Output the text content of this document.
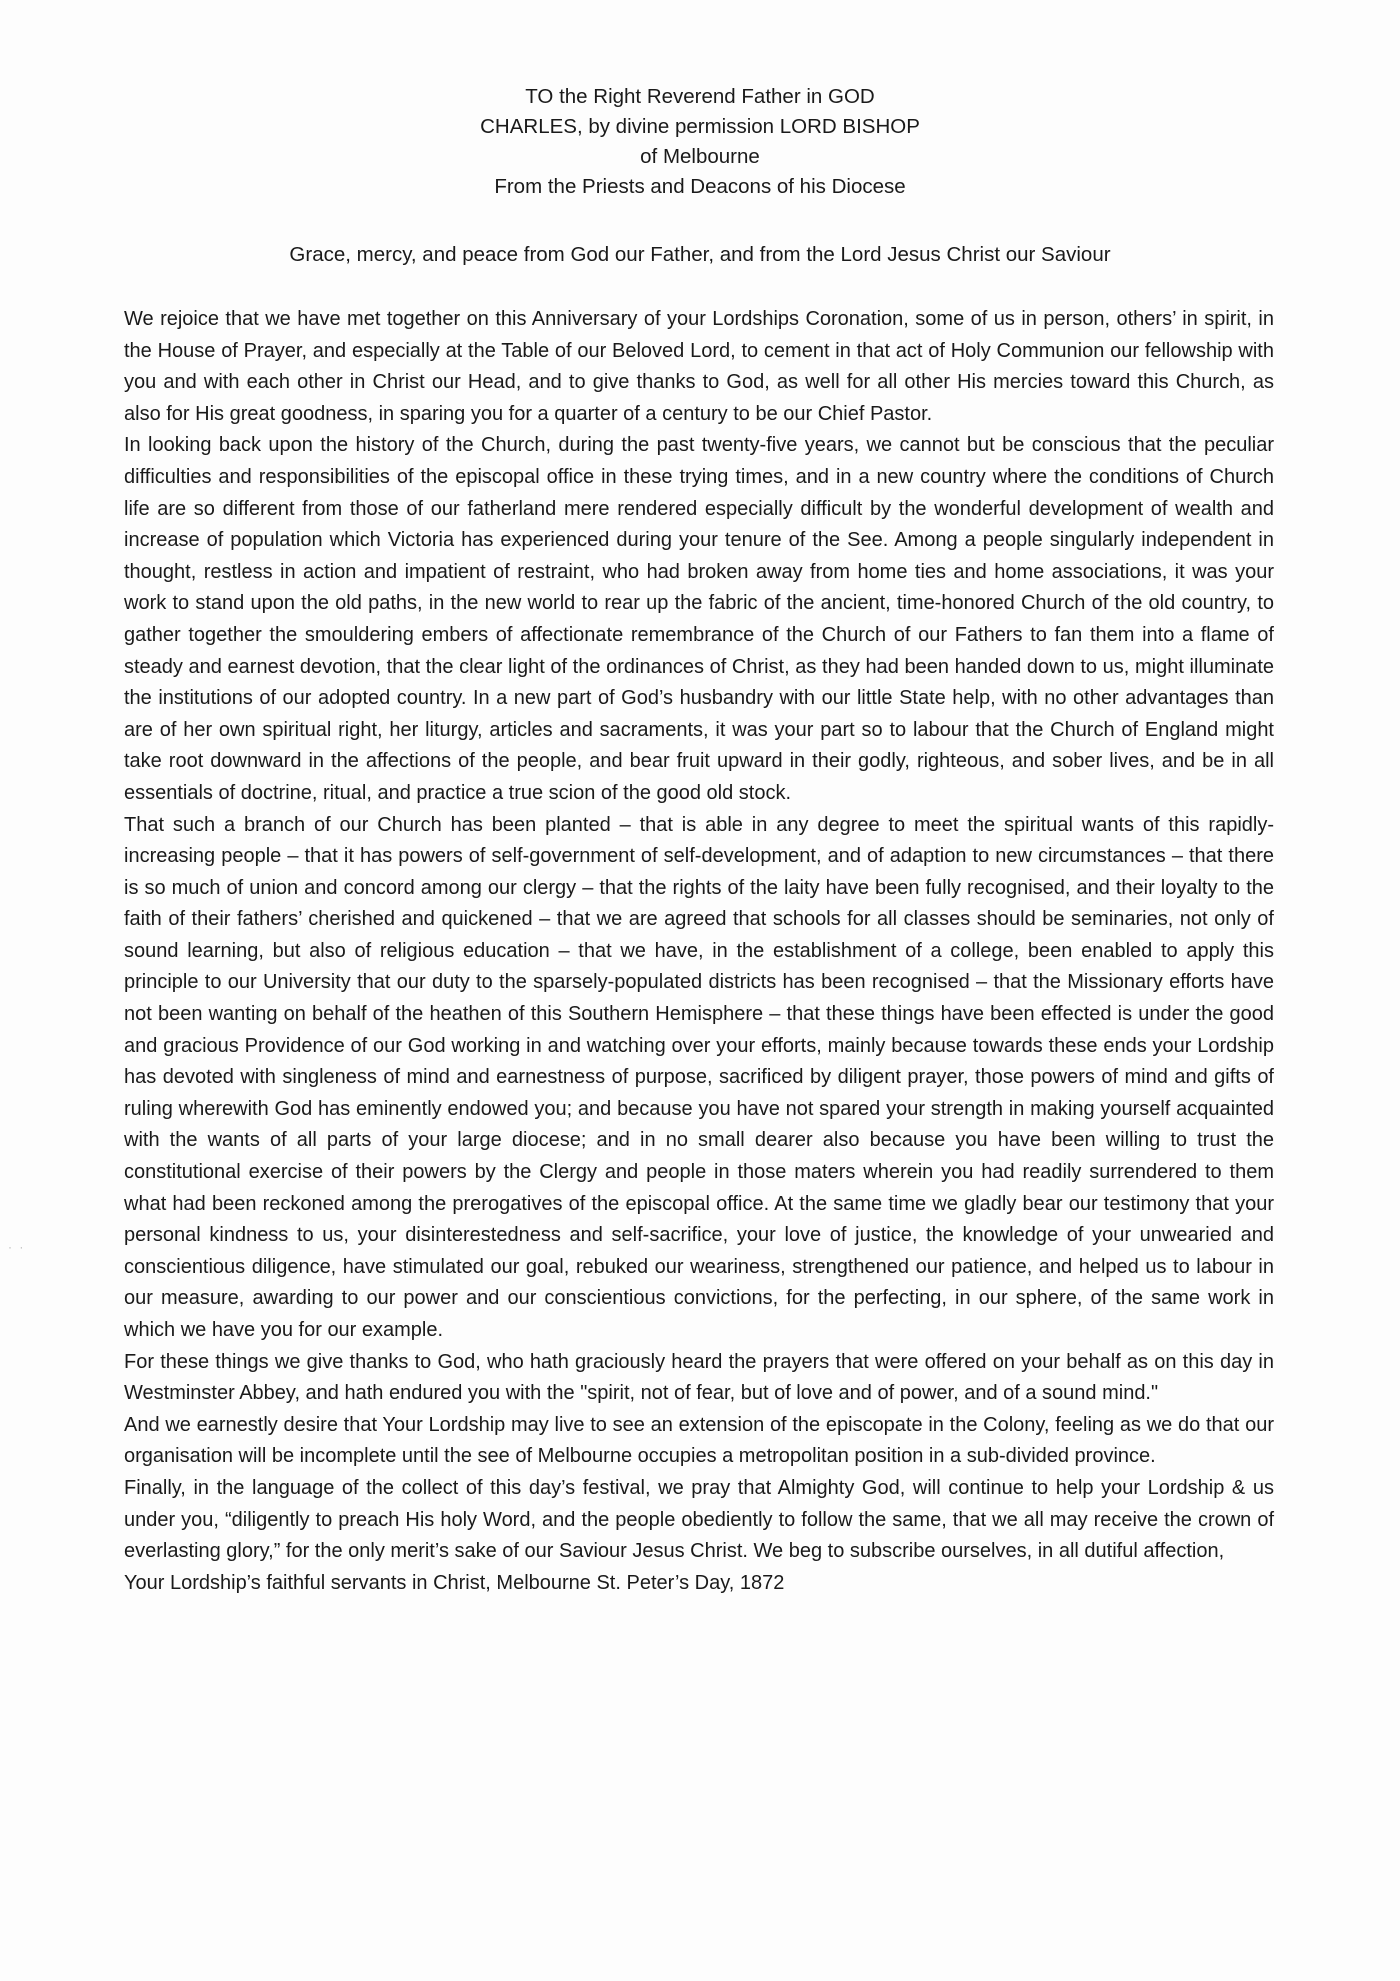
TO the Right Reverend Father in GOD
CHARLES, by divine permission LORD BISHOP
of Melbourne
From the Priests and Deacons of his Diocese
Grace, mercy, and peace from God our Father, and from the Lord Jesus Christ our Saviour

We rejoice that we have met together on this Anniversary of your Lordships Coronation, some of us in person, others’ in spirit, in the House of Prayer, and especially at the Table of our Beloved Lord, to cement in that act of Holy Communion our fellowship with you and with each other in Christ our Head, and to give thanks to God, as well for all other His mercies toward this Church, as also for His great goodness, in sparing you for a quarter of a century to be our Chief Pastor.

In looking back upon the history of the Church, during the past twenty-five years, we cannot but be conscious that the peculiar difficulties and responsibilities of the episcopal office in these trying times, and in a new country where the conditions of Church life are so different from those of our fatherland mere rendered especially difficult by the wonderful development of wealth and increase of population which Victoria has experienced during your tenure of the See. Among a people singularly independent in thought, restless in action and impatient of restraint, who had broken away from home ties and home associations, it was your work to stand upon the old paths, in the new world to rear up the fabric of the ancient, time-honored Church of the old country, to gather together the smouldering embers of affectionate remembrance of the Church of our Fathers to fan them into a flame of steady and earnest devotion, that the clear light of the ordinances of Christ, as they had been handed down to us, might illuminate the institutions of our adopted country. In a new part of God’s husbandry with our little State help, with no other advantages than are of her own spiritual right, her liturgy, articles and sacraments, it was your part so to labour that the Church of England might take root downward in the affections of the people, and bear fruit upward in their godly, righteous, and sober lives, and be in all essentials of doctrine, ritual, and practice a true scion of the good old stock.

That such a branch of our Church has been planted – that is able in any degree to meet the spiritual wants of this rapidly-increasing people – that it has powers of self-government of self-development, and of adaption to new circumstances – that there is so much of union and concord among our clergy – that the rights of the laity have been fully recognised, and their loyalty to the faith of their fathers’ cherished and quickened – that we are agreed that schools for all classes should be seminaries, not only of sound learning, but also of religious education – that we have, in the establishment of a college, been enabled to apply this principle to our University that our duty to the sparsely-populated districts has been recognised – that the Missionary efforts have not been wanting on behalf of the heathen of this Southern Hemisphere – that these things have been effected is under the good and gracious Providence of our God working in and watching over your efforts, mainly because towards these ends your Lordship has devoted with singleness of mind and earnestness of purpose, sacrificed by diligent prayer, those powers of mind and gifts of ruling wherewith God has eminently endowed you; and because you have not spared your strength in making yourself acquainted with the wants of all parts of your large diocese; and in no small dearer also because you have been willing to trust the constitutional exercise of their powers by the Clergy and people in those maters wherein you had readily surrendered to them what had been reckoned among the prerogatives of the episcopal office. At the same time we gladly bear our testimony that your personal kindness to us, your disinterestedness and self-sacrifice, your love of justice, the knowledge of your unwearied and conscientious diligence, have stimulated our goal, rebuked our weariness, strengthened our patience, and helped us to labour in our measure, awarding to our power and our conscientious convictions, for the perfecting, in our sphere, of the same work in which we have you for our example.

For these things we give thanks to God, who hath graciously heard the prayers that were offered on your behalf as on this day in Westminster Abbey, and hath endured you with the "spirit, not of fear, but of love and of power, and of a sound mind."

And we earnestly desire that Your Lordship may live to see an extension of the episcopate in the Colony, feeling as we do that our organisation will be incomplete until the see of Melbourne occupies a metropolitan position in a sub-divided province.

Finally, in the language of the collect of this day’s festival, we pray that Almighty God, will continue to help your Lordship & us under you, “diligently to preach His holy Word, and the people obediently to follow the same, that we all may receive the crown of everlasting glory,” for the only merit’s sake of our Saviour Jesus Christ. We beg to subscribe ourselves, in all dutiful affection,

Your Lordship’s faithful servants in Christ, Melbourne St. Peter’s Day, 1872

· ·
